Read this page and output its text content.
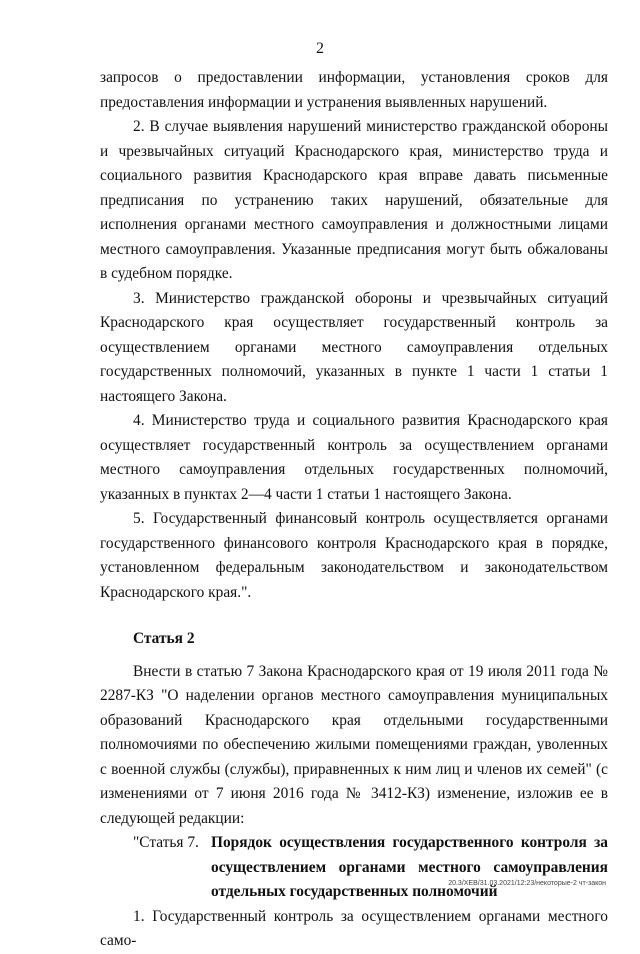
2

запросов о предоставлении информации, установления сроков для предоставления информации и устранения выявленных нарушений.

2. В случае выявления нарушений министерство гражданской обороны и чрезвычайных ситуаций Краснодарского края, министерство труда и социального развития Краснодарского края вправе давать письменные предписания по устранению таких нарушений, обязательные для исполнения органами местного самоуправления и должностными лицами местного самоуправления. Указанные предписания могут быть обжалованы в судебном порядке.

3. Министерство гражданской обороны и чрезвычайных ситуаций Краснодарского края осуществляет государственный контроль за осуществлением органами местного самоуправления отдельных государственных полномочий, указанных в пункте 1 части 1 статьи 1 настоящего Закона.

4. Министерство труда и социального развития Краснодарского края осуществляет государственный контроль за осуществлением органами местного самоуправления отдельных государственных полномочий, указанных в пунктах 2—4 части 1 статьи 1 настоящего Закона.

5. Государственный финансовый контроль осуществляется органами государственного финансового контроля Краснодарского края в порядке, установленном федеральным законодательством и законодательством Краснодарского края.".

Статья 2

Внести в статью 7 Закона Краснодарского края от 19 июля 2011 года № 2287-КЗ "О наделении органов местного самоуправления муниципальных образований Краснодарского края отдельными государственными полномочиями по обеспечению жилыми помещениями граждан, уволенных с военной службы (службы), приравненных к ним лиц и членов их семей" (с изменениями от 7 июня 2016 года № 3412-КЗ) изменение, изложив ее в следующей редакции:

"Статья 7. Порядок осуществления государственного контроля за осуществлением органами местного самоуправления отдельных государственных полномочий

1. Государственный контроль за осуществлением органами местного само-

20.3/XEB/31.03.2021/12:23/некоторые-2 чт-закон
